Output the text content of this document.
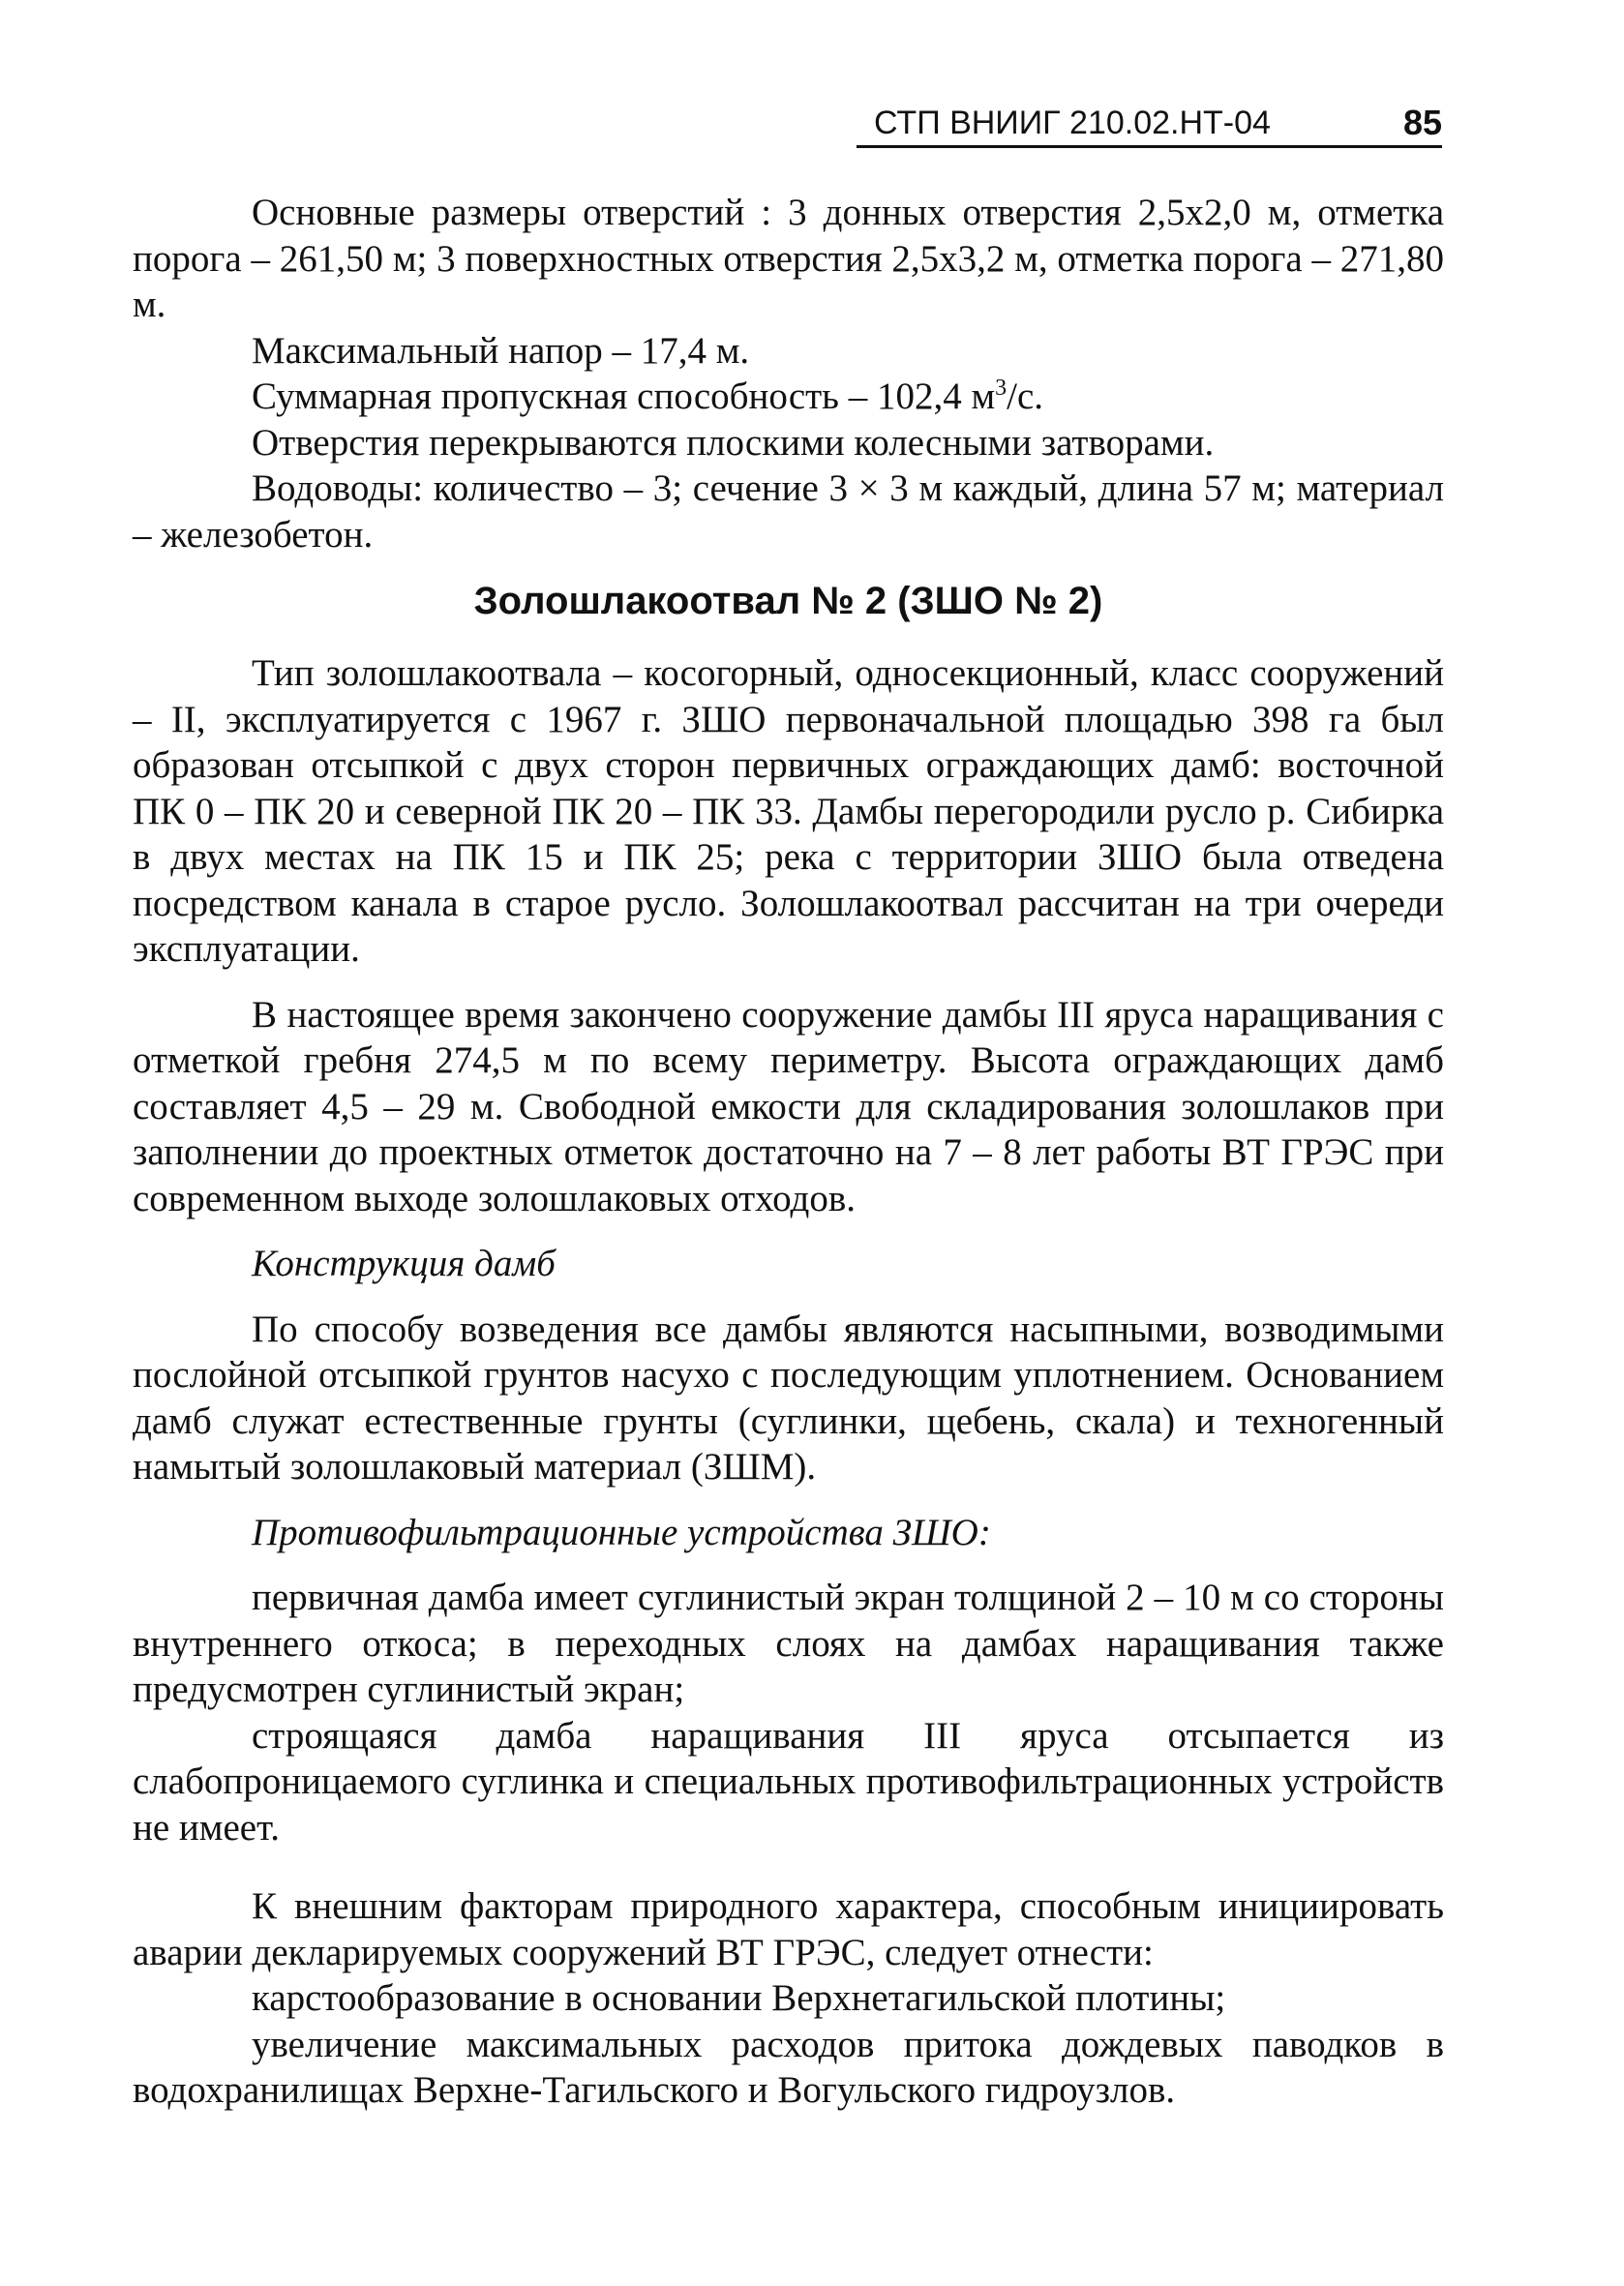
СТП ВНИИГ 210.02.НТ-04	85

Основные размеры отверстий : 3 донных отверстия 2,5x2,0 м, отметка порога – 261,50 м; 3 поверхностных отверстия 2,5x3,2 м, отметка порога – 271,80 м.

Максимальный напор – 17,4 м.

Суммарная пропускная способность – 102,4 $м^3/с$.

Отверстия перекрываются плоскими колесными затворами.

Водоводы: количество – 3; сечение 3 × 3 м каждый, длина 57 м; материал – железобетон.

Золошлакоотвал № 2 (ЗШО № 2)

Тип золошлакоотвала – косогорный, односекционный, класс сооружений – II, эксплуатируется с 1967 г. ЗШО первоначальной площадью 398 га был образован отсыпкой с двух сторон первичных ограждающих дамб: восточной ПК 0 – ПК 20 и северной ПК 20 – ПК 33. Дамбы перегородили русло р. Сибирка в двух местах на ПК 15 и ПК 25; река с территории ЗШО была отведена посредством канала в старое русло. Золошлакоотвал рассчитан на три очереди эксплуатации.

В настоящее время закончено сооружение дамбы III яруса наращивания с отметкой гребня 274,5 м по всему периметру. Высота ограждающих дамб составляет 4,5 – 29 м. Свободной емкости для складирования золошлаков при заполнении до проектных отметок достаточно на 7 – 8 лет работы ВТ ГРЭС при современном выходе золошлаковых отходов.

Конструкция дамб

По способу возведения все дамбы являются насыпными, возводимыми послойной отсыпкой грунтов насухо с последующим уплотнением. Основанием дамб служат естественные грунты (суглинки, щебень, скала) и техногенный намытый золошлаковый материал (ЗШМ).

Противофильтрационные устройства ЗШО:

первичная дамба имеет суглинистый экран толщиной 2 – 10 м со стороны внутреннего откоса; в переходных слоях на дамбах наращивания также предусмотрен суглинистый экран;

строящаяся дамба наращивания III яруса отсыпается из слабопроницаемого суглинка и специальных противофильтрационных устройств не имеет.

К внешним факторам природного характера, способным инициировать аварии декларируемых сооружений ВТ ГРЭС, следует отнести:

карстообразование в основании Верхнетагильской плотины;

увеличение максимальных расходов притока дождевых паводков в водохранилищах Верхне-Тагильского и Вогульского гидроузлов.
